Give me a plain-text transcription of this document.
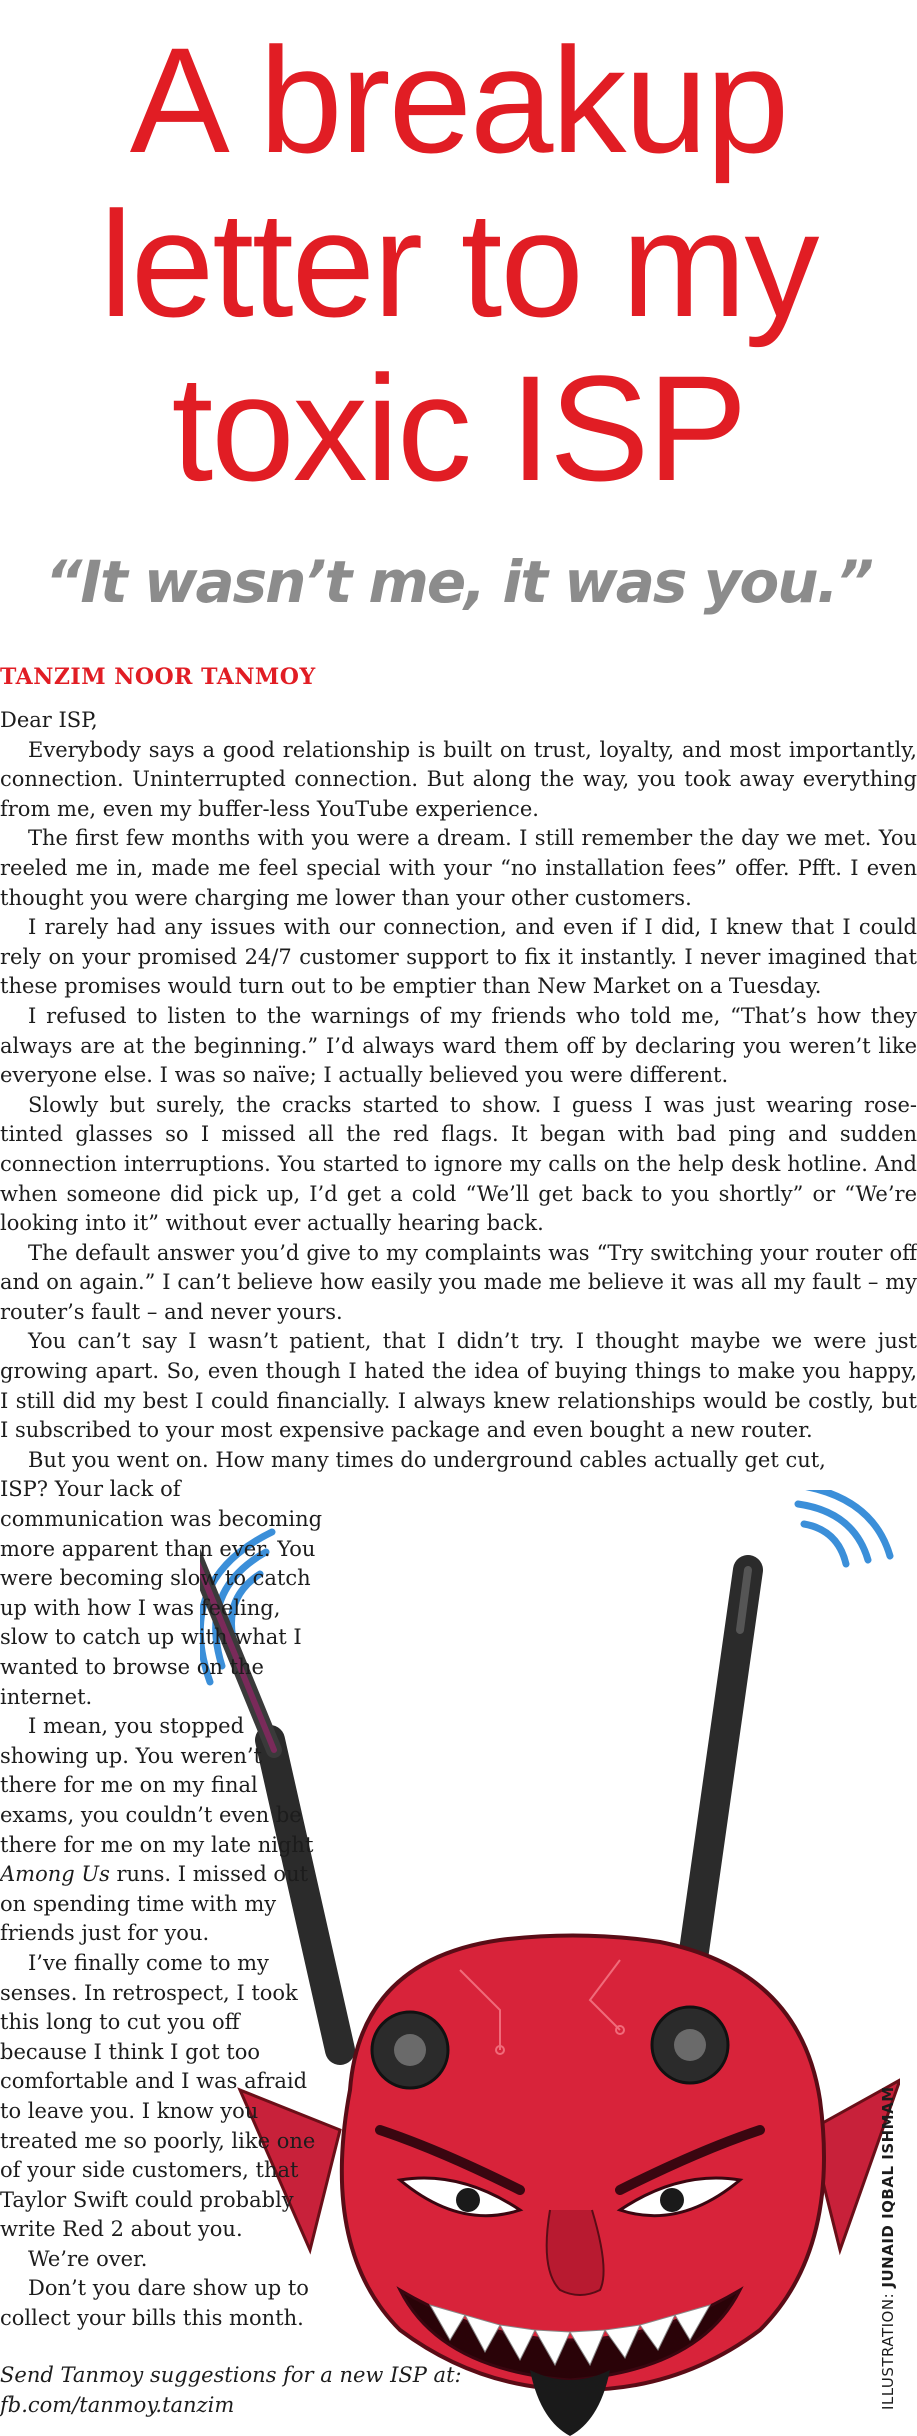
A breakup
letter to my
toxic ISP
“It wasn’t me, it was you.”
TANZIM NOOR TANMOY

Dear ISP,

Everybody says a good relationship is built on trust, loyalty, and most importantly, connection. Uninterrupted connection. But along the way, you took away everything from me, even my buffer-less YouTube experience.

The first few months with you were a dream. I still remember the day we met. You reeled me in, made me feel special with your “no installation fees” offer. Pfft. I even thought you were charging me lower than your other customers.

I rarely had any issues with our connection, and even if I did, I knew that I could rely on your promised 24/7 customer support to fix it instantly. I never imagined that these promises would turn out to be emptier than New Market on a Tuesday.

I refused to listen to the warnings of my friends who told me, “That’s how they always are at the beginning.” I’d always ward them off by declaring you weren’t like everyone else. I was so naïve; I actually believed you were different.

Slowly but surely, the cracks started to show. I guess I was just wearing rose-tinted glasses so I missed all the red flags. It began with bad ping and sudden connection interruptions. You started to ignore my calls on the help desk hotline. And when someone did pick up, I’d get a cold “We’ll get back to you shortly” or “We’re looking into it” without ever actually hearing back.

The default answer you’d give to my complaints was “Try switching your router off and on again.” I can’t believe how easily you made me believe it was all my fault – my router’s fault – and never yours.

You can’t say I wasn’t patient, that I didn’t try. I thought maybe we were just growing apart. So, even though I hated the idea of buying things to make you happy, I still did my best I could financially. I always knew relationships would be costly, but I subscribed to your most expensive package and even bought a new router.

But you went on. How many times do underground cables actually get cut,

ISP? Your lack of communication was becoming more apparent than ever. You were becoming slow to catch up with how I was feeling, slow to catch up with what I wanted to browse on the internet.

I mean, you stopped showing up. You weren’t there for me on my final exams, you couldn’t even be there for me on my late night Among Us runs. I missed out on spending time with my friends just for you.

I’ve finally come to my senses. In retrospect, I took this long to cut you off because I think I got too comfortable and I was afraid to leave you. I know you treated me so poorly, like one of your side customers, that Taylor Swift could probably write Red 2 about you.

We’re over.

Don’t you dare show up to collect your bills this month.

Send Tanmoy suggestions for a new ISP at: fb.com/tanmoy.tanzim	ILLUSTRATION: JUNAID IQBAL ISHMAM
